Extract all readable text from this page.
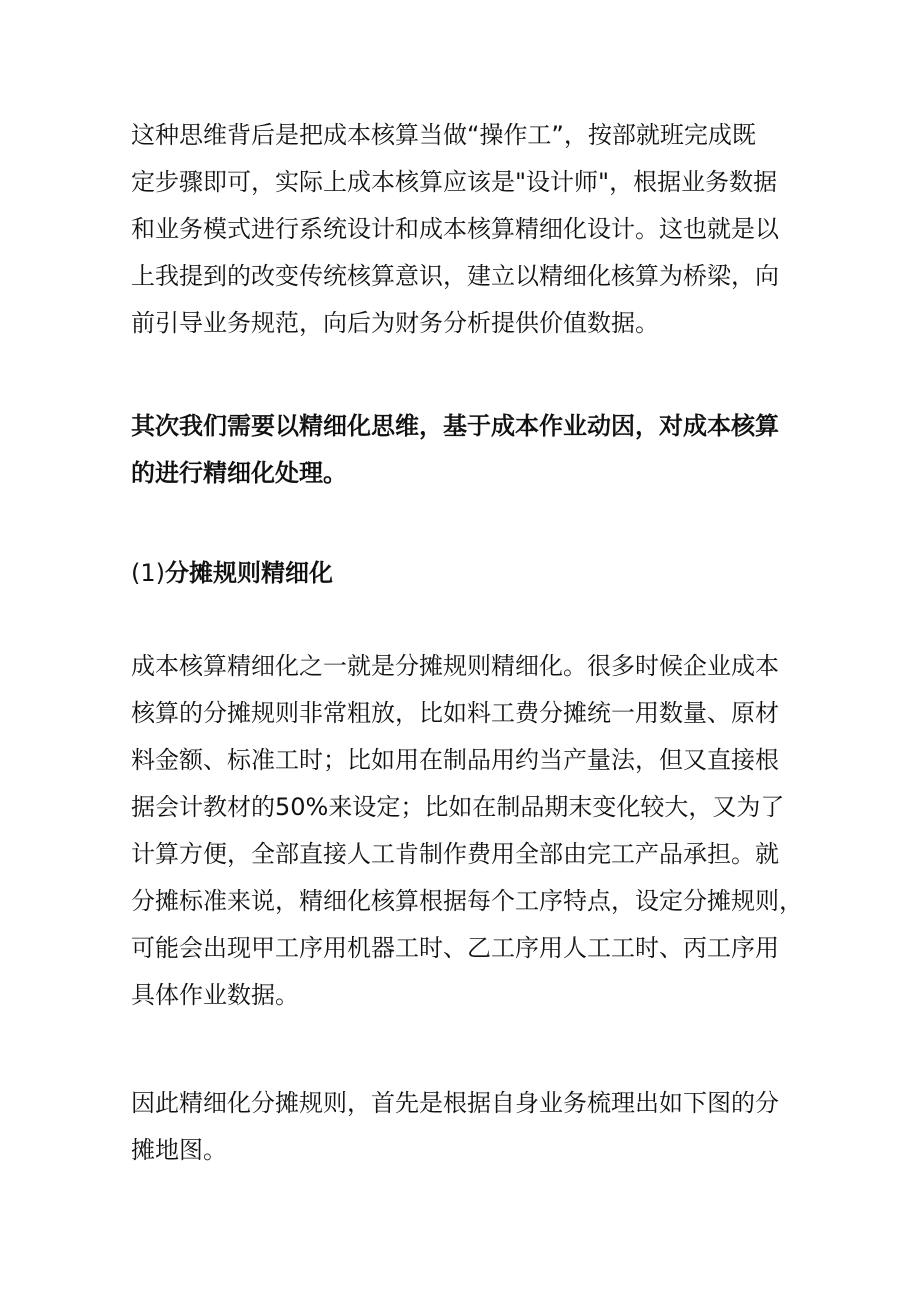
这种思维背后是把成本核算当做“操作工”，按部就班完成既
定步骤即可，实际上成本核算应该是"设计师"，根据业务数据
和业务模式进行系统设计和成本核算精细化设计。这也就是以
上我提到的改变传统核算意识，建立以精细化核算为桥梁，向
前引导业务规范，向后为财务分析提供价值数据。
其次我们需要以精细化思维，基于成本作业动因，对成本核算
的进行精细化处理。
(1)分摊规则精细化
成本核算精细化之一就是分摊规则精细化。很多时候企业成本
核算的分摊规则非常粗放，比如料工费分摊统一用数量、原材
料金额、标准工时；比如用在制品用约当产量法，但又直接根
据会计教材的50%来设定；比如在制品期末变化较大，又为了
计算方便，全部直接人工肯制作费用全部由完工产品承担。就
分摊标准来说，精细化核算根据每个工序特点，设定分摊规则，
可能会出现甲工序用机器工时、乙工序用人工工时、丙工序用
具体作业数据。
因此精细化分摊规则，首先是根据自身业务梳理出如下图的分
摊地图。
